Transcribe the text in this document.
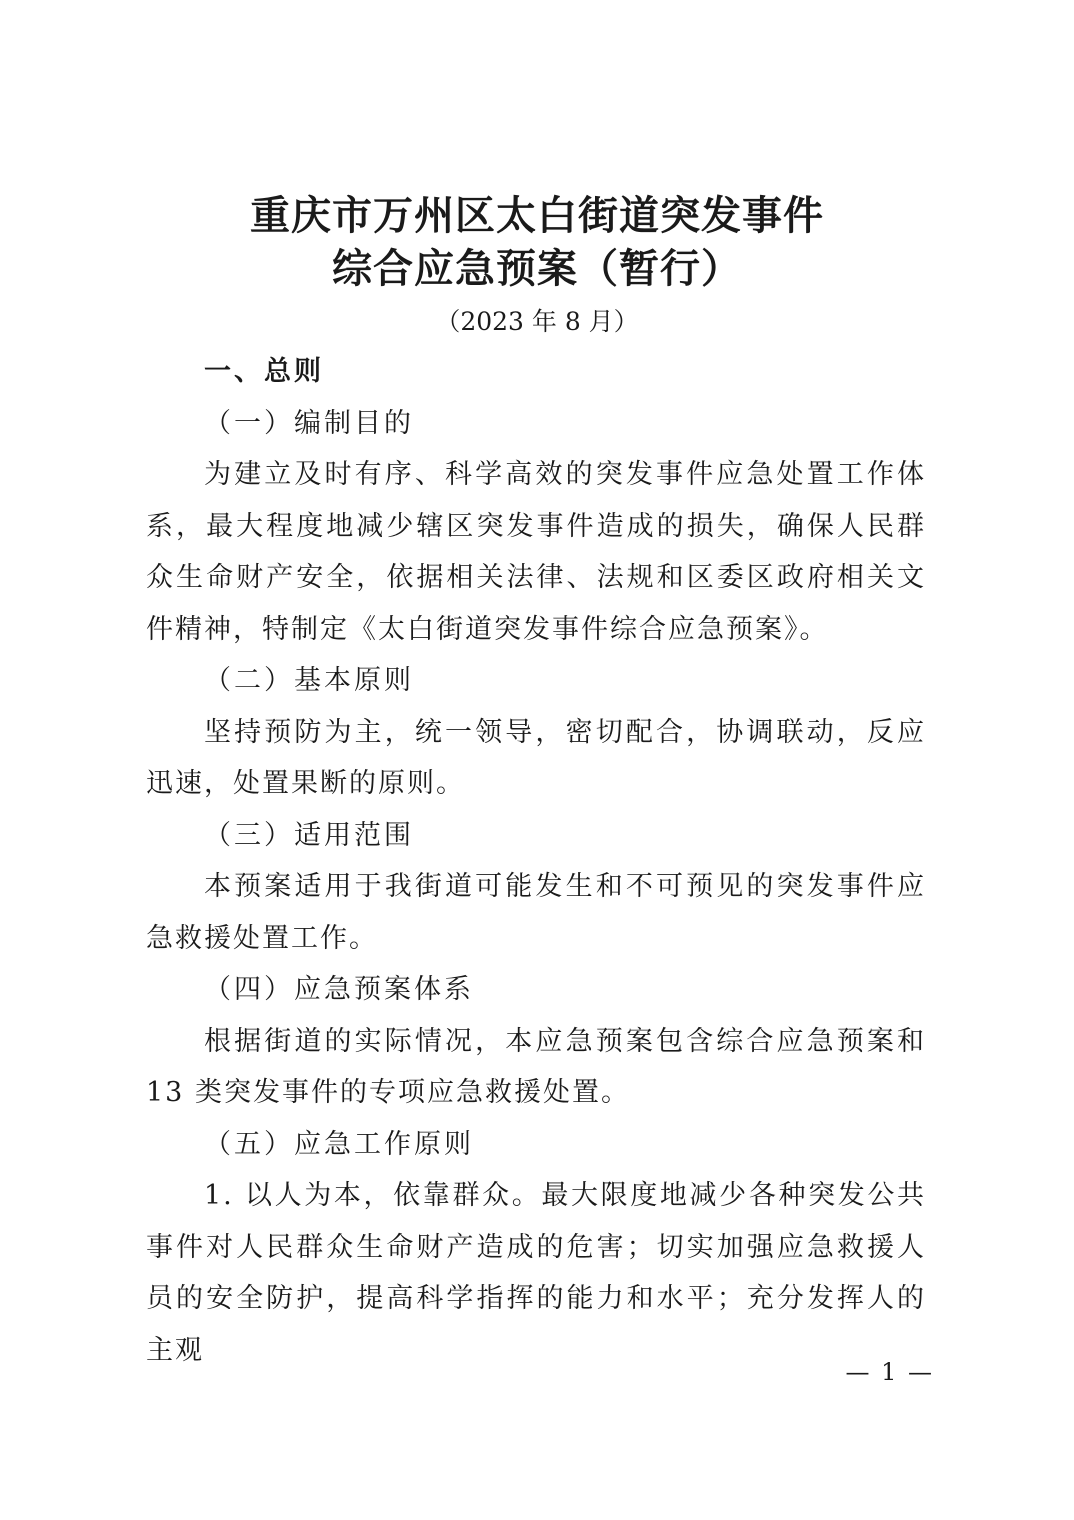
重庆市万州区太白街道突发事件
综合应急预案（暂行）
（2023 年 8 月）

一、总则

（一）编制目的

为建立及时有序、科学高效的突发事件应急处置工作体系，最大程度地减少辖区突发事件造成的损失，确保人民群众生命财产安全，依据相关法律、法规和区委区政府相关文件精神，特制定《太白街道突发事件综合应急预案》。

（二）基本原则

坚持预防为主，统一领导，密切配合，协调联动，反应迅速，处置果断的原则。

（三）适用范围

本预案适用于我街道可能发生和不可预见的突发事件应急救援处置工作。

（四）应急预案体系

根据街道的实际情况，本应急预案包含综合应急预案和 13 类突发事件的专项应急救援处置。

（五）应急工作原则

1. 以人为本，依靠群众。最大限度地减少各种突发公共事件对人民群众生命财产造成的危害；切实加强应急救援人员的安全防护，提高科学指挥的能力和水平；充分发挥人的主观

— 1 —
